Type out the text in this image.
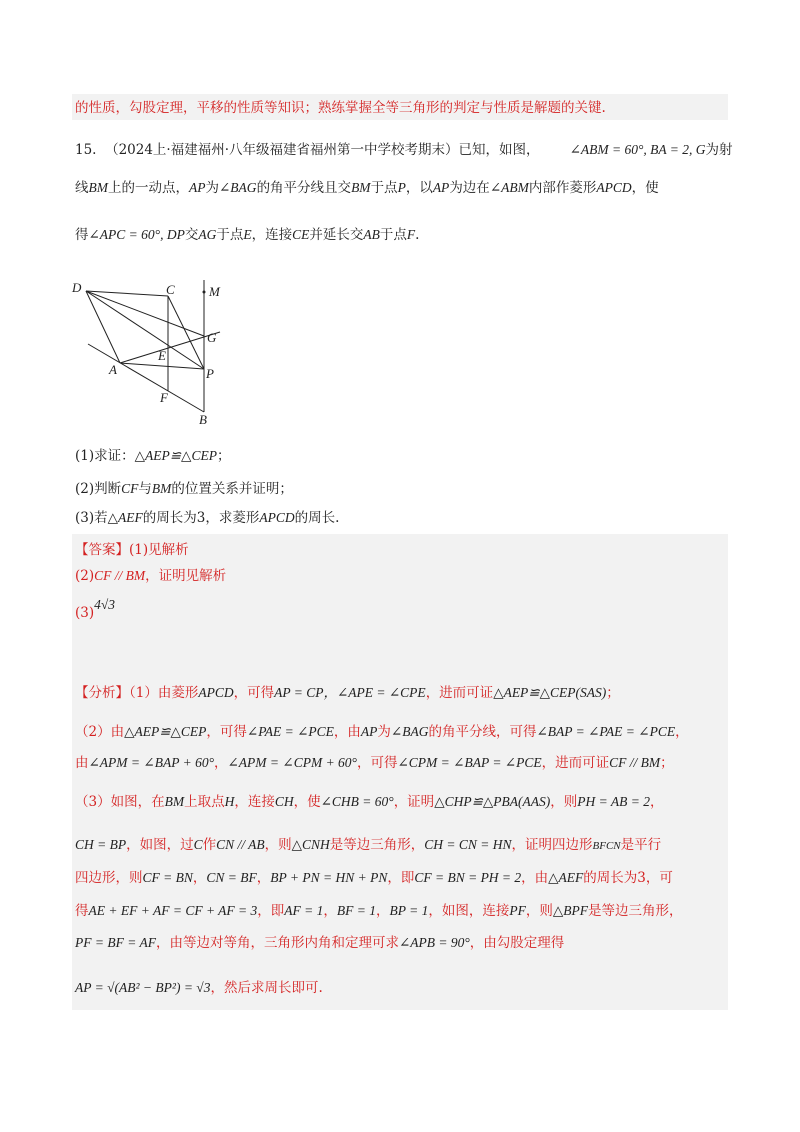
的性质，勾股定理，平移的性质等知识；熟练掌握全等三角形的判定与性质是解题的关键.
15. （2024上·福建福州·八年级福建省福州第一中学校考期末）已知，如图， ∠ABM = 60°, BA = 2, G为射
线BM上的一动点，AP为∠BAG的角平分线且交BM于点P，以AP为边在∠ABM内部作菱形APCD，使
得∠APC = 60°, DP交AG于点E，连接CE并延长交AB于点F.
D	C	M
G
E
A	P
F
B
(1)求证：△AEP≌△CEP；
(2)判断CF与BM的位置关系并证明；
(3)若△AEF的周长为3，求菱形APCD的周长.
【答案】(1)见解析
(2)CF // BM，证明见解析
(3)4√3
【分析】（1）由菱形APCD，可得AP = CP，∠APE = ∠CPE，进而可证△AEP≌△CEP(SAS)；
（2）由△AEP≌△CEP，可得∠PAE = ∠PCE，由AP为∠BAG的角平分线，可得∠BAP = ∠PAE = ∠PCE，
由∠APM = ∠BAP + 60°，∠APM = ∠CPM + 60°，可得∠CPM = ∠BAP = ∠PCE，进而可证CF // BM；
（3）如图，在BM上取点H，连接CH，使∠CHB = 60°，证明△CHP≌△PBA(AAS)，则PH = AB = 2，
CH = BP，如图，过C作CN // AB，则△CNH是等边三角形，CH = CN = HN，证明四边形BFCN是平行
四边形，则CF = BN，CN = BF，BP + PN = HN + PN，即CF = BN = PH = 2，由△AEF的周长为3，可
得AE + EF + AF = CF + AF = 3，即AF = 1，BF = 1，BP = 1，如图，连接PF，则△BPF是等边三角形，
PF = BF = AF，由等边对等角，三角形内角和定理可求∠APB = 90°，由勾股定理得
AP = √(AB² − BP²) = √3，然后求周长即可.
